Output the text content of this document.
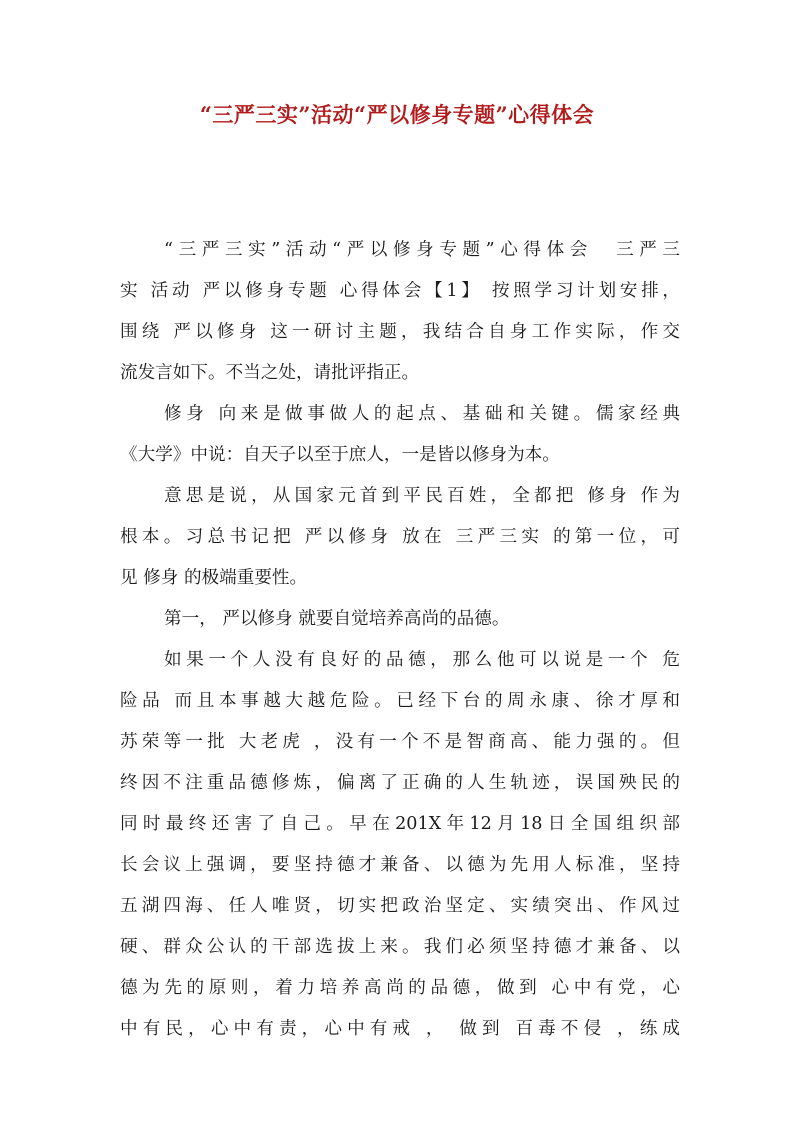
“三严三实”活动“严以修身专题”心得体会
“三严三实”活动“严以修身专题”心得体会　三严三
实 活动 严以修身专题 心得体会【1】 按照学习计划安排，
围绕 严以修身 这一研讨主题，我结合自身工作实际，作交
流发言如下。不当之处，请批评指正。
修身 向来是做事做人的起点、基础和关键。儒家经典
《大学》中说：自天子以至于庶人，一是皆以修身为本。
意思是说，从国家元首到平民百姓，全都把 修身 作为
根本。习总书记把 严以修身 放在 三严三实 的第一位，可
见 修身 的极端重要性。
第一， 严以修身 就要自觉培养高尚的品德。
如果一个人没有良好的品德，那么他可以说是一个 危
险品 而且本事越大越危险。已经下台的周永康、徐才厚和
苏荣等一批 大老虎 ，没有一个不是智商高、能力强的。但
终因不注重品德修炼，偏离了正确的人生轨迹，误国殃民的
同时最终还害了自己。早在201X年12月18日全国组织部
长会议上强调，要坚持德才兼备、以德为先用人标准，坚持
五湖四海、任人唯贤，切实把政治坚定、实绩突出、作风过
硬、群众公认的干部选拔上来。我们必须坚持德才兼备、以
德为先的原则，着力培养高尚的品德，做到 心中有党，心
中有民，心中有责，心中有戒 ， 做到 百毒不侵 ，练成
